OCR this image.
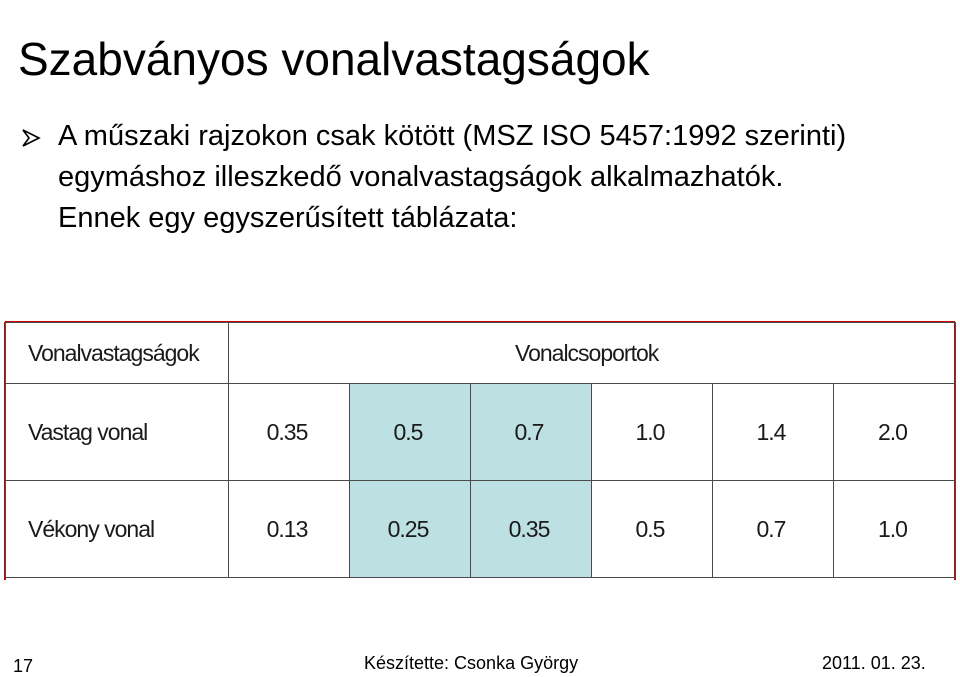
Szabványos vonalvastagságok
A műszaki rajzokon csak kötött (MSZ ISO 5457:1992 szerinti) egymáshoz illeszkedő vonalvastagságok alkalmazhatók. Ennek egy egyszerűsített táblázata:
Vonalvastagságok	Vonalcsoportok					
Vastag vonal	0.35	0.5	0.7	1.0	1.4	2.0
Vékony vonal	0.13	0.25	0.35	0.5	0.7	1.0
17	Készítette: Csonka György	2011. 01. 23.
